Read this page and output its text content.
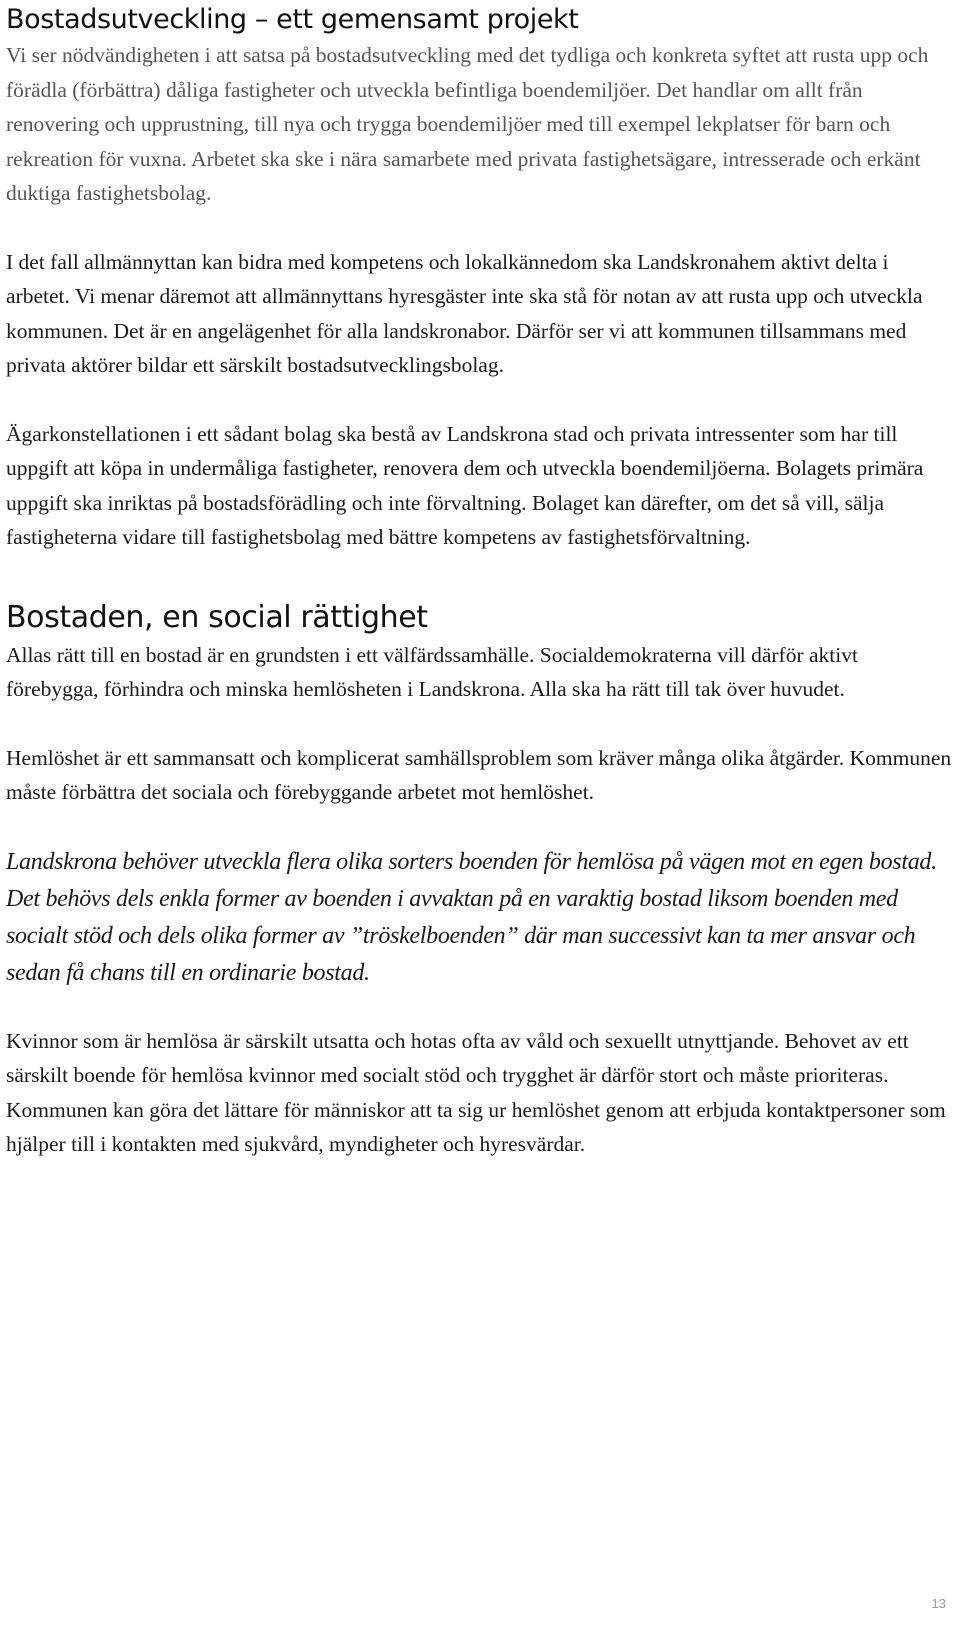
Bostadsutveckling – ett gemensamt projekt

Vi ser nödvändigheten i att satsa på bostadsutveckling med det tydliga och konkreta syftet att rusta upp och förädla (förbättra) dåliga fastigheter och utveckla befintliga boendemiljöer. Det handlar om allt från renovering och upprustning, till nya och trygga boendemiljöer med till exempel lekplatser för barn och rekreation för vuxna. Arbetet ska ske i nära samarbete med privata fastighetsägare, intresserade och erkänt duktiga fastighetsbolag.

I det fall allmännyttan kan bidra med kompetens och lokalkännedom ska Landskronahem aktivt delta i arbetet. Vi menar däremot att allmännyttans hyresgäster inte ska stå för notan av att rusta upp och utveckla kommunen. Det är en angelägenhet för alla landskronabor. Därför ser vi att kommunen tillsammans med privata aktörer bildar ett särskilt bostadsutvecklingsbolag.

Ägarkonstellationen i ett sådant bolag ska bestå av Landskrona stad och privata intressenter som har till uppgift att köpa in undermåliga fastigheter, renovera dem och utveckla boendemiljöerna. Bolagets primära uppgift ska inriktas på bostadsförädling och inte förvaltning. Bolaget kan därefter, om det så vill, sälja fastigheterna vidare till fastighetsbolag med bättre kompetens av fastighetsförvaltning.

Bostaden, en social rättighet

Allas rätt till en bostad är en grundsten i ett välfärdssamhälle. Socialdemokraterna vill därför aktivt förebygga, förhindra och minska hemlösheten i Landskrona. Alla ska ha rätt till tak över huvudet.

Hemlöshet är ett sammansatt och komplicerat samhällsproblem som kräver många olika åtgärder. Kommunen måste förbättra det sociala och förebyggande arbetet mot hemlöshet.

Landskrona behöver utveckla flera olika sorters boenden för hemlösa på vägen mot en egen bostad. Det behövs dels enkla former av boenden i avvaktan på en varaktig bostad liksom boenden med socialt stöd och dels olika former av ”tröskelboenden” där man successivt kan ta mer ansvar och sedan få chans till en ordinarie bostad.

Kvinnor som är hemlösa är särskilt utsatta och hotas ofta av våld och sexuellt utnyttjande. Behovet av ett särskilt boende för hemlösa kvinnor med socialt stöd och trygghet är därför stort och måste prioriteras. Kommunen kan göra det lättare för människor att ta sig ur hemlöshet genom att erbjuda kontaktpersoner som hjälper till i kontakten med sjukvård, myndigheter och hyresvärdar.

13
